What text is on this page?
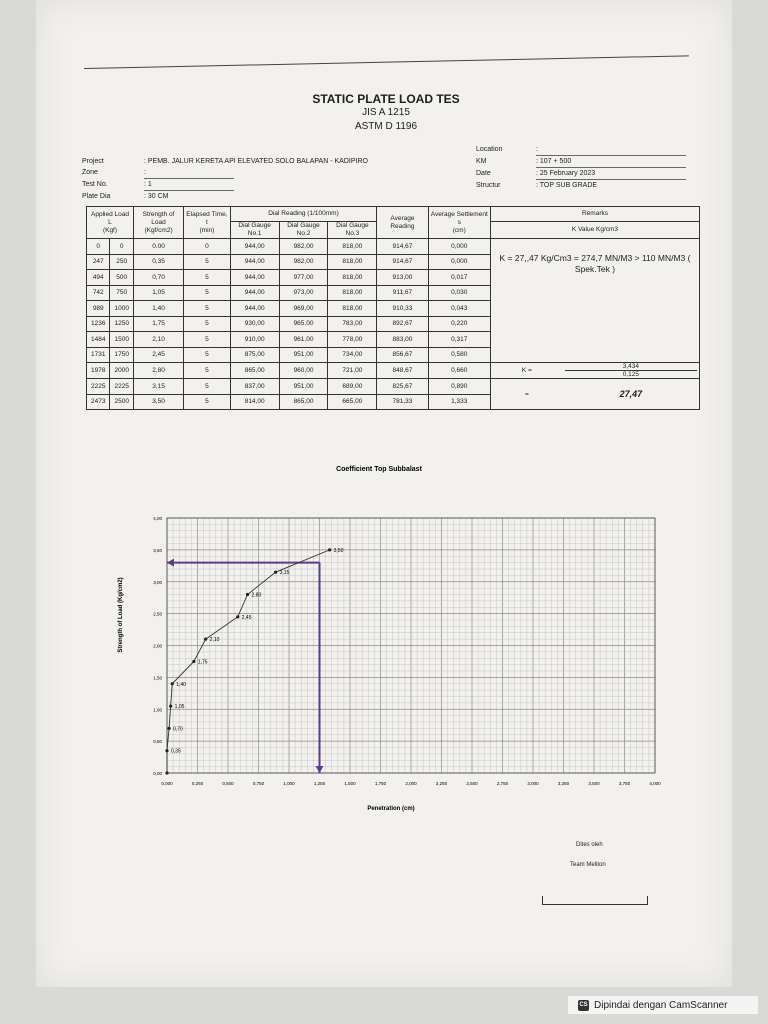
STATIC PLATE LOAD TES
JIS A 1215
ASTM D 1196
Project	: PEMB. JALUR KERETA API ELEVATED SOLO BALAPAN - KADIPIRO
Zone	:
Test No.	: 1
Plate Dia	: 30 CM
Location	:
KM	: 107 + 500
Date	: 25 February 2023
Structur	: TOP SUB GRADE
Applied Load L
(Kgf)		Strength of Load
(Kgf/cm2)	Elapsed Time, t
(min)	Dial Reading (1/100mm)			Average Reading	Average Settlement s
(cm)	Remarks	
				Dial Gauge No.1	Dial Gauge No.2	Dial Gauge No.3			K Value Kg/cm3	
0	0	0.00	0	944,00	982,00	818,00	914,67	0,000	K = 27,,47 Kg/Cm3 = 274,7 MN/M3 > 110 MN/M3 ( Spek.Tek )	
247	250	0,35	5	944,00	982,00	818,00	914,67	0,000		
494	500	0,70	5	944,00	977,00	818,00	913,00	0,017		
742	750	1,05	5	944,00	973,00	818,00	911,67	0,030		
989	1000	1,40	5	944,00	969,00	818,00	910,33	0,043		
1236	1250	1,75	5	930,00	965,00	783,00	892,67	0,220		
1484	1500	2,10	5	910,00	961,00	778,00	883,00	0,317		
1731	1750	2,45	5	875,00	951,00	734,00	856,67	0,580		
1978	2000	2,80	5	865,00	960,00	721,00	848,67	0,660	K =	3,434
0,125

2225	2225	3,15	5	837,00	951,00	689,00	825,67	0,890	=	27,47
2473	2500	3,50	5	814,00	865,00	665,00	781,33	1,333		
Coefficient Top Subbalast
Penetration (cm)
Strength of Load (Kg/cm2)
0,000	0,250	0,500	0,750	1,000	1,250	1,500	1,750	2,000	2,250	2,500	2,750	3,000	3,250	3,500	3,750	4,000
0,00
0,50
1,00
1,50
2,00
2,50
3,00
3,50
4,00
0,35
0,70
1,05
1,40
1,75
2,10
2,45
2,80
3,15
3,50
Dites oleh
Team Meliton
CS Dipindai dengan CamScanner
